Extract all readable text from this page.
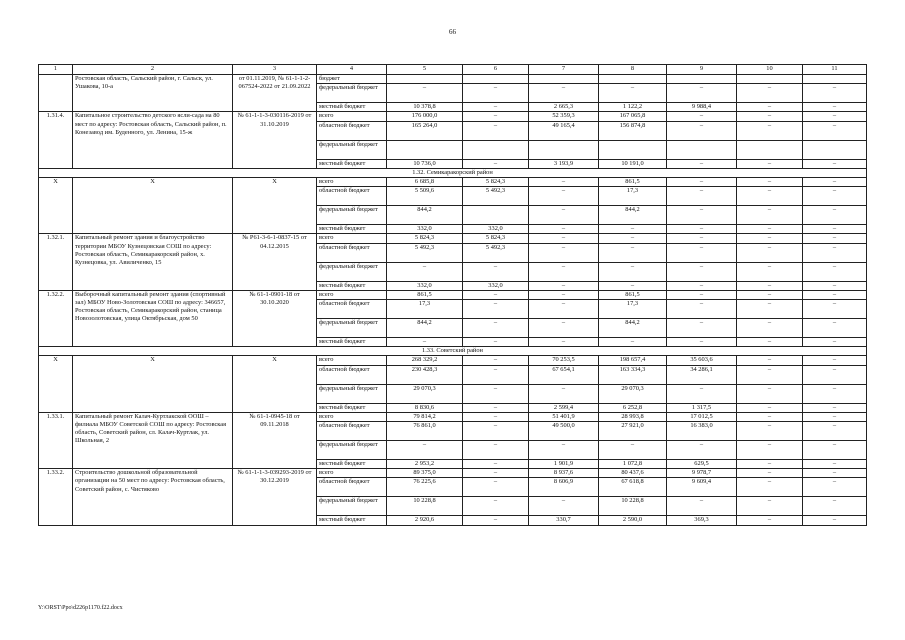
66
1	2	3	4	5	6	7	8	9	10	11
	Ростовская область, Сальский район, г. Сальск, ул. Ушакова, 10-а	от 01.11.2019, № 61-1-1-2-067524-2022 от 21.09.2022	бюджет							
			федеральный бюджет	–	–	–	–	–	–	–
			местный бюджет	10 378,8	–	2 665,3	1 122,2	9 988,4	–	–
1.31.4.	Капитальное строительство детского ясли-сада на 80 мест по адресу: Ростовская область, Сальский район, п. Конезавод им. Буденного, ул. Ленина, 15-ж	№ 61-1-1-3-030116-2019 от 31.10.2019	всего	176 000,0	–	52 359,3	167 065,8	–	–	–
			областной бюджет	165 264,0	–	49 165,4	156 874,8	–	–	–
			федеральный бюджет							
			местный бюджет	10 736,0	–	3 193,9	10 191,0	–	–	–
1.32. Семикаракорский район										
Х	Х	Х	всего	6 685,8	5 824,3	–	861,5	–	–	–
			областной бюджет	5 509,6	5 492,3	–	17,3	–	–	–
			федеральный бюджет	844,2		–	844,2	–	–	–
			местный бюджет	332,0	332,0	–	–	–	–	–
1.32.1.	Капитальный ремонт здания и благоустройство территории МБОУ Кузнецовская СОШ по адресу: Ростовская область, Семикаракорский район, х. Кузнецовка, ул. Авиличенко, 15	№ Р61-3-6-1-0837-15 от 04.12.2015	всего	5 824,3	5 824,3	–	–	–	–	–
			областной бюджет	5 492,3	5 492,3	–	–	–	–	–
			федеральный бюджет	–	–	–	–	–	–	–
			местный бюджет	332,0	332,0	–	–	–	–	–
1.32.2.	Выборочный капитальный ремонт здания (спортивный зал) МБОУ Ново-Золотовская СОШ по адресу: 346657, Ростовская область, Семикаракорский район, станица Новозолотовская, улица Октябрьская, дом 50	№ 61-1-0901-18 от 30.10.2020	всего	861,5	–	–	861,5	–	–	–
			областной бюджет	17,3	–	–	17,3	–	–	–
			федеральный бюджет	844,2	–	–	844,2	–	–	–
			местный бюджет	–	–	–	–	–	–	–
1.33. Советский район										
Х	Х	Х	всего	268 329,2	–	70 253,5	198 657,4	35 603,6	–	–
			областной бюджет	230 428,3	–	67 654,1	163 334,3	34 286,1	–	–
			федеральный бюджет	29 070,3	–	–	29 070,3	–	–	–
			местный бюджет	8 830,6	–	2 599,4	6 252,8	1 317,5	–	–
1.33.1.	Капитальный ремонт Калач-Куртлакской ООШ – филиала МБОУ Советской СОШ по адресу: Ростовская область, Советский район, сл. Калач-Куртлак, ул. Школьная, 2	№ 61-1-0945-18 от 09.11.2018	всего	79 814,2	–	51 401,9	28 993,8	17 012,5	–	–
			областной бюджет	76 861,0	–	49 500,0	27 921,0	16 383,0	–	–
			федеральный бюджет	–	–	–	–	–	–	–
			местный бюджет	2 953,2	–	1 901,9	1 072,8	629,5	–	–
1.33.2.	Строительство дошкольной образовательной организации на 50 мест по адресу: Ростовская область, Советский район, с. Чистяково	№ 61-1-1-3-039293-2019 от 30.12.2019	всего	89 375,0	–	8 937,6	80 437,6	9 978,7	–	–
			областной бюджет	76 225,6	–	8 606,9	67 618,8	9 609,4	–	–
			федеральный бюджет	10 228,8	–	–	10 228,8	–	–	–
			местный бюджет	2 920,6	–	330,7	2 590,0	369,3	–	–
Y:\ORST\Ppo\d226p1170.f22.docx
